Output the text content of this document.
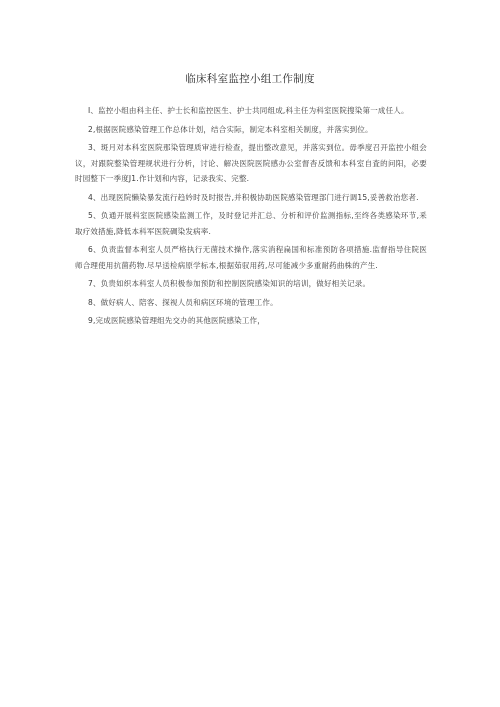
临床科室监控小组工作制度

I、监控小组由科主任、护士长和监控医生、护士共同组成,科主任为科室医院搜染第一成任人。

2,根据医院感染管理工作总体计划，结合实际，制定本科室相关制度，并落实到位。

3、斑月对本科室医院那染管理质审进行检查，提出整改意见，并落实到位。毋季度召开监控小组会议，对跟院整染管理规状进行分析，讨论、解决医院医院感办公室督杳反馈和本科室自査的问阳，必要时园整下一季度J1.作计划和内容，记录我实、完整.

4、出现医院懒染暴发流行趋妗时及时报告,并积极协助医院感染管理部门进行调15,妥善救治您者.

5、负通开展科室医院感染监测工作，及时登记并汇总、分析和评价监测指标,至终各类感染环节,釆取疗效措施,降低本科军医院碉染发病率.

6、负责监督本利室人员严格执行无菌技术操作,落实消程扁国和标准预防各项措施.监督指导住院医师合理使用抗菌药物.尽早送检病原学标本,根据茹驭用药,尽可能减少多重耐药曲株的产生.

7、负贵如织本科室人员积极参加预防和控制医院感染知识的培训，做好相关记录。

8、做好病人、陪客、探视人员和病区环境的管理工作。

9,完成医院感染管理组先交办的其他医院感染工作，
